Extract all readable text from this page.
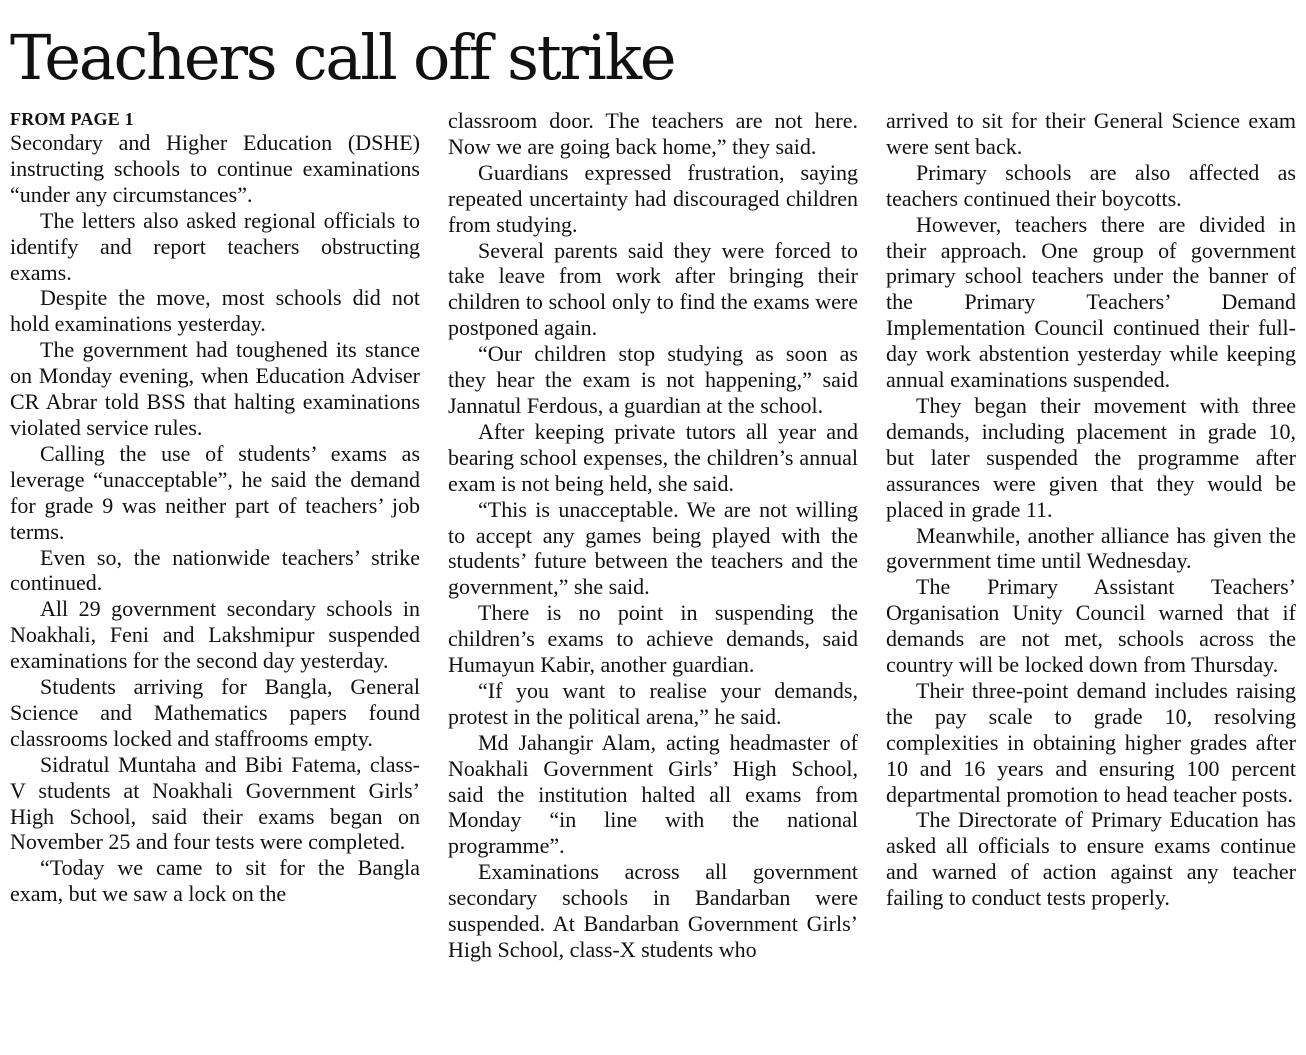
Teachers call off strike

FROM PAGE 1

Secondary and Higher Education (DSHE) instructing schools to continue examinations “under any circumstances”.

The letters also asked regional officials to identify and report teachers obstructing exams.

Despite the move, most schools did not hold examinations yesterday.

The government had toughened its stance on Monday evening, when Education Adviser CR Abrar told BSS that halting examinations violated service rules.

Calling the use of students’ exams as leverage “unacceptable”, he said the demand for grade 9 was neither part of teachers’ job terms.

Even so, the nationwide teachers’ strike continued.

All 29 government secondary schools in Noakhali, Feni and Lakshmipur suspended examinations for the second day yesterday.

Students arriving for Bangla, General Science and Mathematics papers found classrooms locked and staffrooms empty.

Sidratul Muntaha and Bibi Fatema, class-V students at Noakhali Government Girls’ High School, said their exams began on November 25 and four tests were completed.

“Today we came to sit for the Bangla exam, but we saw a lock on the

classroom door. The teachers are not here. Now we are going back home,” they said.

Guardians expressed frustration, saying repeated uncertainty had discouraged children from studying.

Several parents said they were forced to take leave from work after bringing their children to school only to find the exams were postponed again.

“Our children stop studying as soon as they hear the exam is not happening,” said Jannatul Ferdous, a guardian at the school.

After keeping private tutors all year and bearing school expenses, the children’s annual exam is not being held, she said.

“This is unacceptable. We are not willing to accept any games being played with the students’ future between the teachers and the government,” she said.

There is no point in suspending the children’s exams to achieve demands, said Humayun Kabir, another guardian.

“If you want to realise your demands, protest in the political arena,” he said.

Md Jahangir Alam, acting headmaster of Noakhali Government Girls’ High School, said the institution halted all exams from Monday “in line with the national programme”.

Examinations across all government secondary schools in Bandarban were suspended. At Bandarban Government Girls’ High School, class-X students who

arrived to sit for their General Science exam were sent back.

Primary schools are also affected as teachers continued their boycotts.

However, teachers there are divided in their approach. One group of government primary school teachers under the banner of the Primary Teachers’ Demand Implementation Council continued their full-day work abstention yesterday while keeping annual examinations suspended.

They began their movement with three demands, including placement in grade 10, but later suspended the programme after assurances were given that they would be placed in grade 11.

Meanwhile, another alliance has given the government time until Wednesday.

The Primary Assistant Teachers’ Organisation Unity Council warned that if demands are not met, schools across the country will be locked down from Thursday.

Their three-point demand includes raising the pay scale to grade 10, resolving complexities in obtaining higher grades after 10 and 16 years and ensuring 100 percent departmental promotion to head teacher posts.

The Directorate of Primary Education has asked all officials to ensure exams continue and warned of action against any teacher failing to conduct tests properly.
